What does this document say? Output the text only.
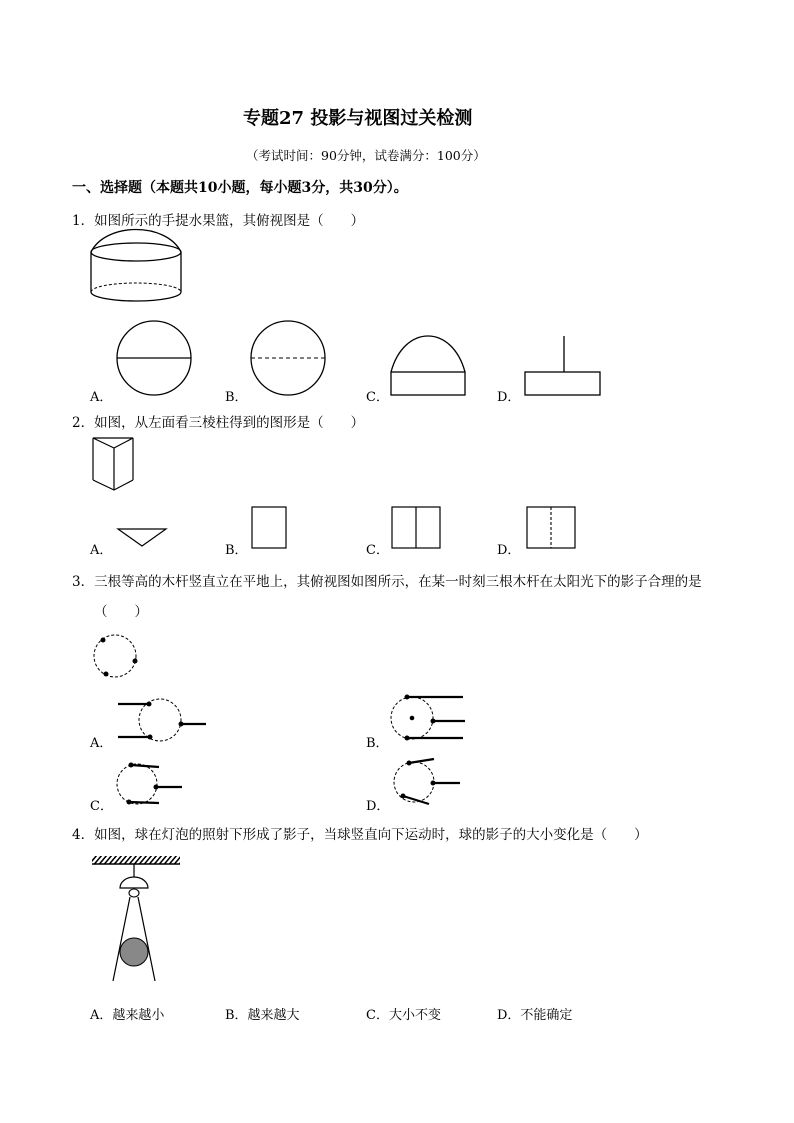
专题27 投影与视图过关检测
（考试时间：90分钟，试卷满分：100分）
一、选择题（本题共10小题，每小题3分，共30分）。
1．如图所示的手提水果篮，其俯视图是（　　）
A．	B．	C．	D．
2．如图，从左面看三棱柱得到的图形是（　　）
A．	B．	C．	D．
3．三根等高的木杆竖直立在平地上，其俯视图如图所示，在某一时刻三根木杆在太阳光下的影子合理的是
（　　）
A．	B．
C．	D．
4．如图，球在灯泡的照射下形成了影子，当球竖直向下运动时，球的影子的大小变化是（　　）
A．越来越小	B．越来越大	C．大小不变	D．不能确定
